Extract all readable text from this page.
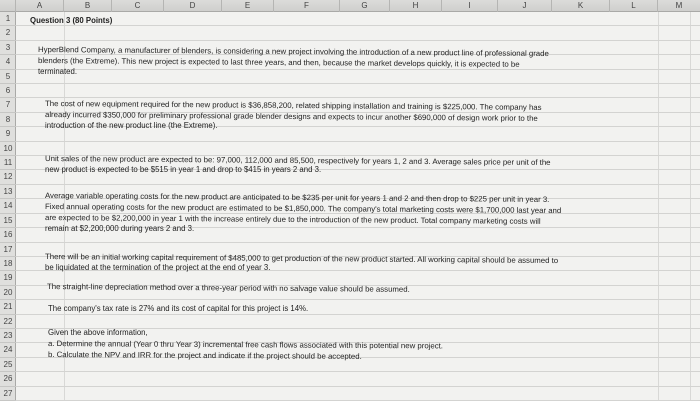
A	B	C	D	E	F	G	H	I	J	K	L	M
1
2
3
4
5
6
7
8
9
10
11
12
13
14
15
16
17
18
19
20
21
22
23
24
25
26
27
Question 3 (80 Points)
HyperBlend Company, a manufacturer of blenders, is considering a new project involving the introduction of a new product line of professional grade
blenders (the Extreme). This new project is expected to last three years, and then, because the market develops quickly, it is expected to be
terminated.
The cost of new equipment required for the new product is $36,858,200, related shipping installation and training is $225,000. The company has
already incurred $350,000 for preliminary professional grade blender designs and expects to incur another $690,000 of design work prior to the
introduction of the new product line (the Extreme).
Unit sales of the new product are expected to be: 97,000, 112,000 and 85,500, respectively for years 1, 2 and 3. Average sales price per unit of the
new product is expected to be $515 in year 1 and drop to $415 in years 2 and 3.
Average variable operating costs for the new product are anticipated to be $235 per unit for years 1 and 2 and then drop to $225 per unit in year 3.
Fixed annual operating costs for the new product are estimated to be $1,850,000. The company's total marketing costs were $1,700,000 last year and
are expected to be $2,200,000 in year 1 with the increase entirely due to the introduction of the new product. Total company marketing costs will
remain at $2,200,000 during years 2 and 3.
There will be an initial working capital requirement of $485,000 to get production of the new product started. All working capital should be assumed to
be liquidated at the termination of the project at the end of year 3.
The straight-line depreciation method over a three-year period with no salvage value should be assumed.
The company's tax rate is 27% and its cost of capital for this project is 14%.
Given the above information,
a. Determine the annual (Year 0 thru Year 3) incremental free cash flows associated with this potential new project.
b. Calculate the NPV and IRR for the project and indicate if the project should be accepted.
